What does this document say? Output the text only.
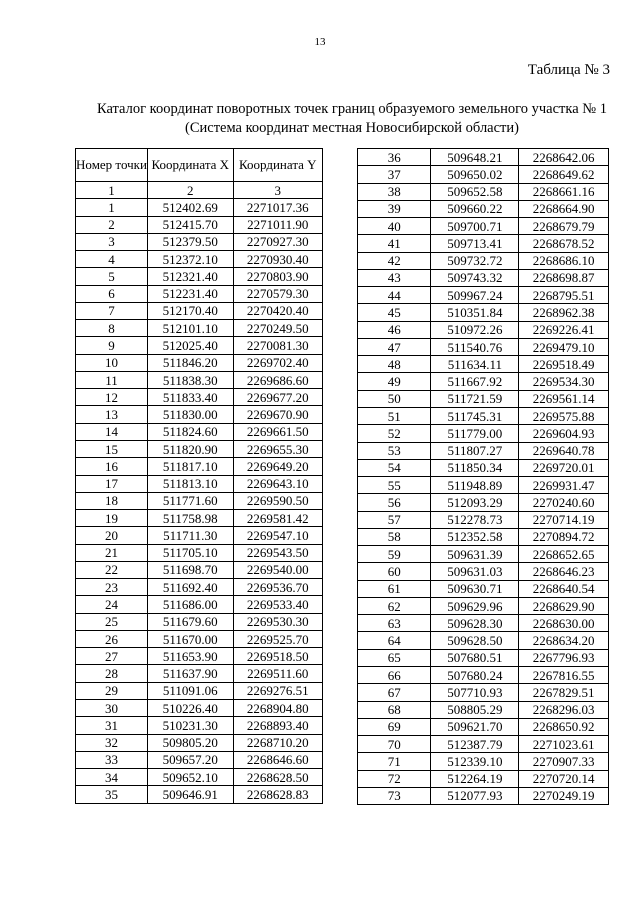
13
Таблица № 3
Каталог координат поворотных точек границ образуемого земельного участка № 1
(Система координат местная Новосибирской области)
Номер точки	Координата X	Координата Y
1	2	3
1	512402.69	2271017.36
2	512415.70	2271011.90
3	512379.50	2270927.30
4	512372.10	2270930.40
5	512321.40	2270803.90
6	512231.40	2270579.30
7	512170.40	2270420.40
8	512101.10	2270249.50
9	512025.40	2270081.30
10	511846.20	2269702.40
11	511838.30	2269686.60
12	511833.40	2269677.20
13	511830.00	2269670.90
14	511824.60	2269661.50
15	511820.90	2269655.30
16	511817.10	2269649.20
17	511813.10	2269643.10
18	511771.60	2269590.50
19	511758.98	2269581.42
20	511711.30	2269547.10
21	511705.10	2269543.50
22	511698.70	2269540.00
23	511692.40	2269536.70
24	511686.00	2269533.40
25	511679.60	2269530.30
26	511670.00	2269525.70
27	511653.90	2269518.50
28	511637.90	2269511.60
29	511091.06	2269276.51
30	510226.40	2268904.80
31	510231.30	2268893.40
32	509805.20	2268710.20
33	509657.20	2268646.60
34	509652.10	2268628.50
35	509646.91	2268628.83
36	509648.21	2268642.06
37	509650.02	2268649.62
38	509652.58	2268661.16
39	509660.22	2268664.90
40	509700.71	2268679.79
41	509713.41	2268678.52
42	509732.72	2268686.10
43	509743.32	2268698.87
44	509967.24	2268795.51
45	510351.84	2268962.38
46	510972.26	2269226.41
47	511540.76	2269479.10
48	511634.11	2269518.49
49	511667.92	2269534.30
50	511721.59	2269561.14
51	511745.31	2269575.88
52	511779.00	2269604.93
53	511807.27	2269640.78
54	511850.34	2269720.01
55	511948.89	2269931.47
56	512093.29	2270240.60
57	512278.73	2270714.19
58	512352.58	2270894.72
59	509631.39	2268652.65
60	509631.03	2268646.23
61	509630.71	2268640.54
62	509629.96	2268629.90
63	509628.30	2268630.00
64	509628.50	2268634.20
65	507680.51	2267796.93
66	507680.24	2267816.55
67	507710.93	2267829.51
68	508805.29	2268296.03
69	509621.70	2268650.92
70	512387.79	2271023.61
71	512339.10	2270907.33
72	512264.19	2270720.14
73	512077.93	2270249.19
